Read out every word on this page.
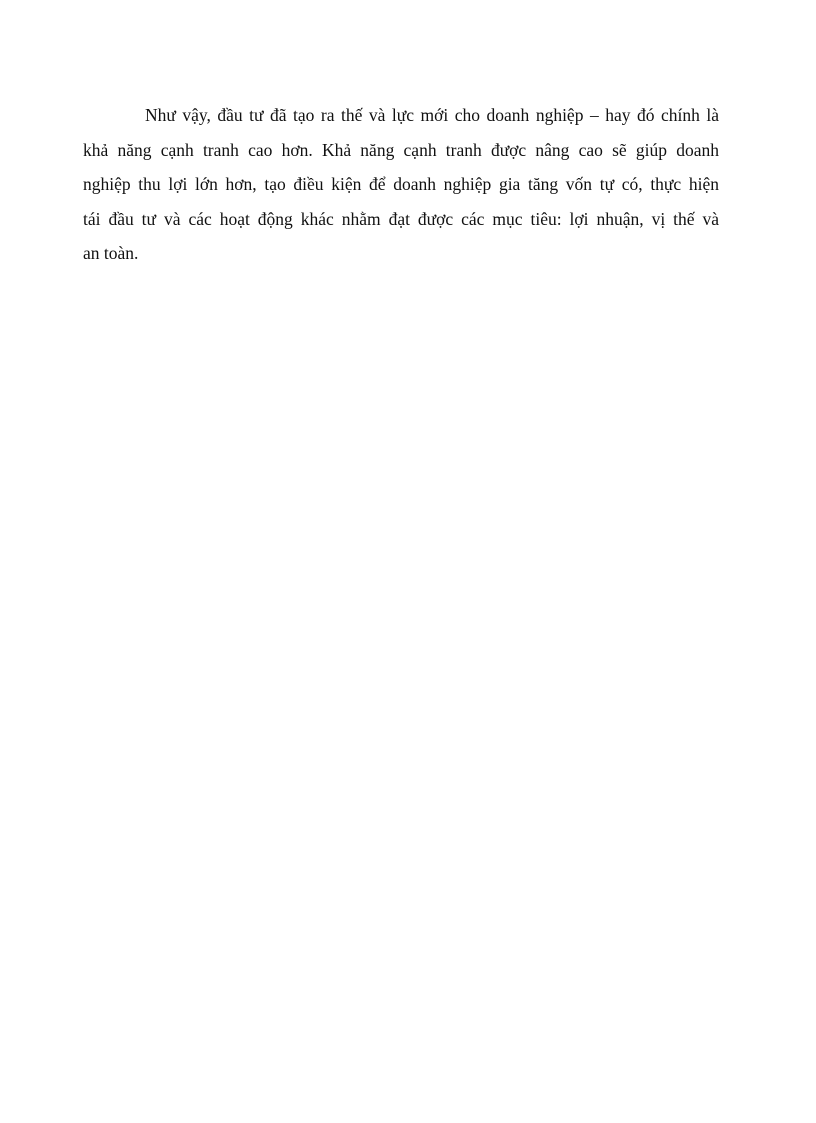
Như vậy, đầu tư đã tạo ra thế và lực mới cho doanh nghiệp – hay đó chính là
khả năng cạnh tranh cao hơn. Khả năng cạnh tranh được nâng cao sẽ giúp doanh
nghiệp thu lợi lớn hơn, tạo điều kiện để doanh nghiệp gia tăng vốn tự có, thực hiện
tái đầu tư và các hoạt động khác nhằm đạt được các mục tiêu: lợi nhuận, vị thế và
an toàn.
